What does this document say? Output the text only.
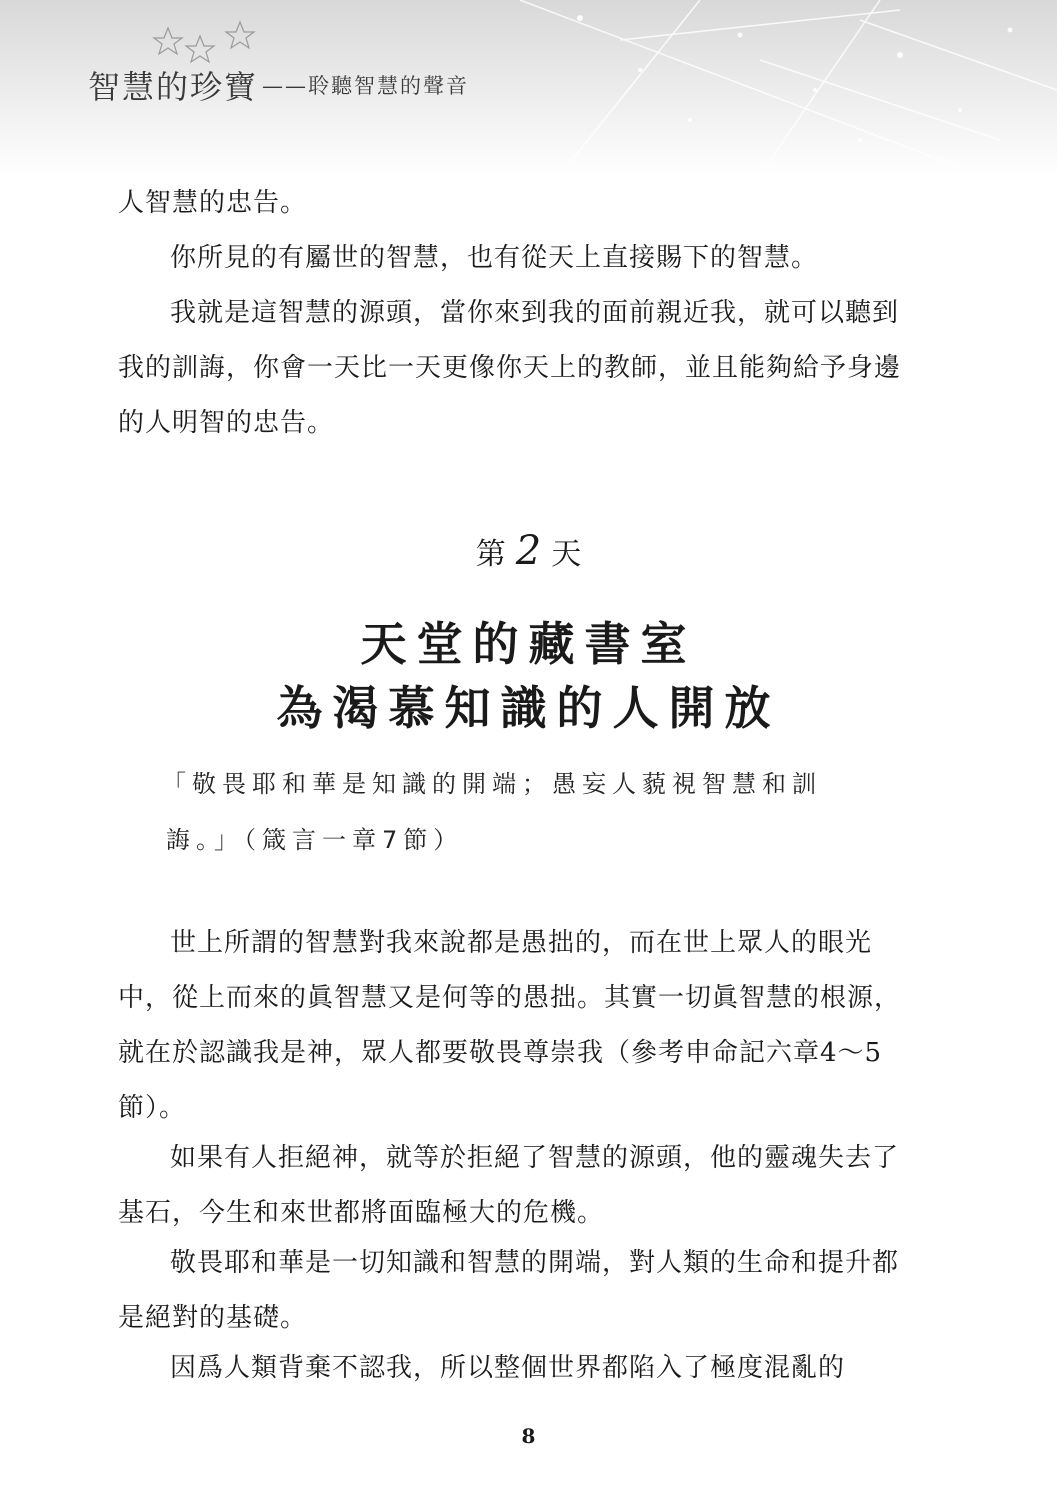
智慧的珍寶 ——聆聽智慧的聲音

人智慧的忠告。

你所見的有屬世的智慧，也有從天上直接賜下的智慧。

我就是這智慧的源頭，當你來到我的面前親近我，就可以聽到我的訓誨，你會一天比一天更像你天上的教師，並且能夠給予身邊的人明智的忠告。

第 2 天
天堂的藏書室
為渴慕知識的人開放
「敬畏耶和華是知識的開端；愚妄人藐視智慧和訓
誨。」（箴言一章7節）

世上所謂的智慧對我來說都是愚拙的，而在世上眾人的眼光中，從上而來的眞智慧又是何等的愚拙。其實一切眞智慧的根源，就在於認識我是神，眾人都要敬畏尊崇我（參考申命記六章4～5節）。

如果有人拒絕神，就等於拒絕了智慧的源頭，他的靈魂失去了基石，今生和來世都將面臨極大的危機。

敬畏耶和華是一切知識和智慧的開端，對人類的生命和提升都是絕對的基礎。

因爲人類背棄不認我，所以整個世界都陷入了極度混亂的

8
